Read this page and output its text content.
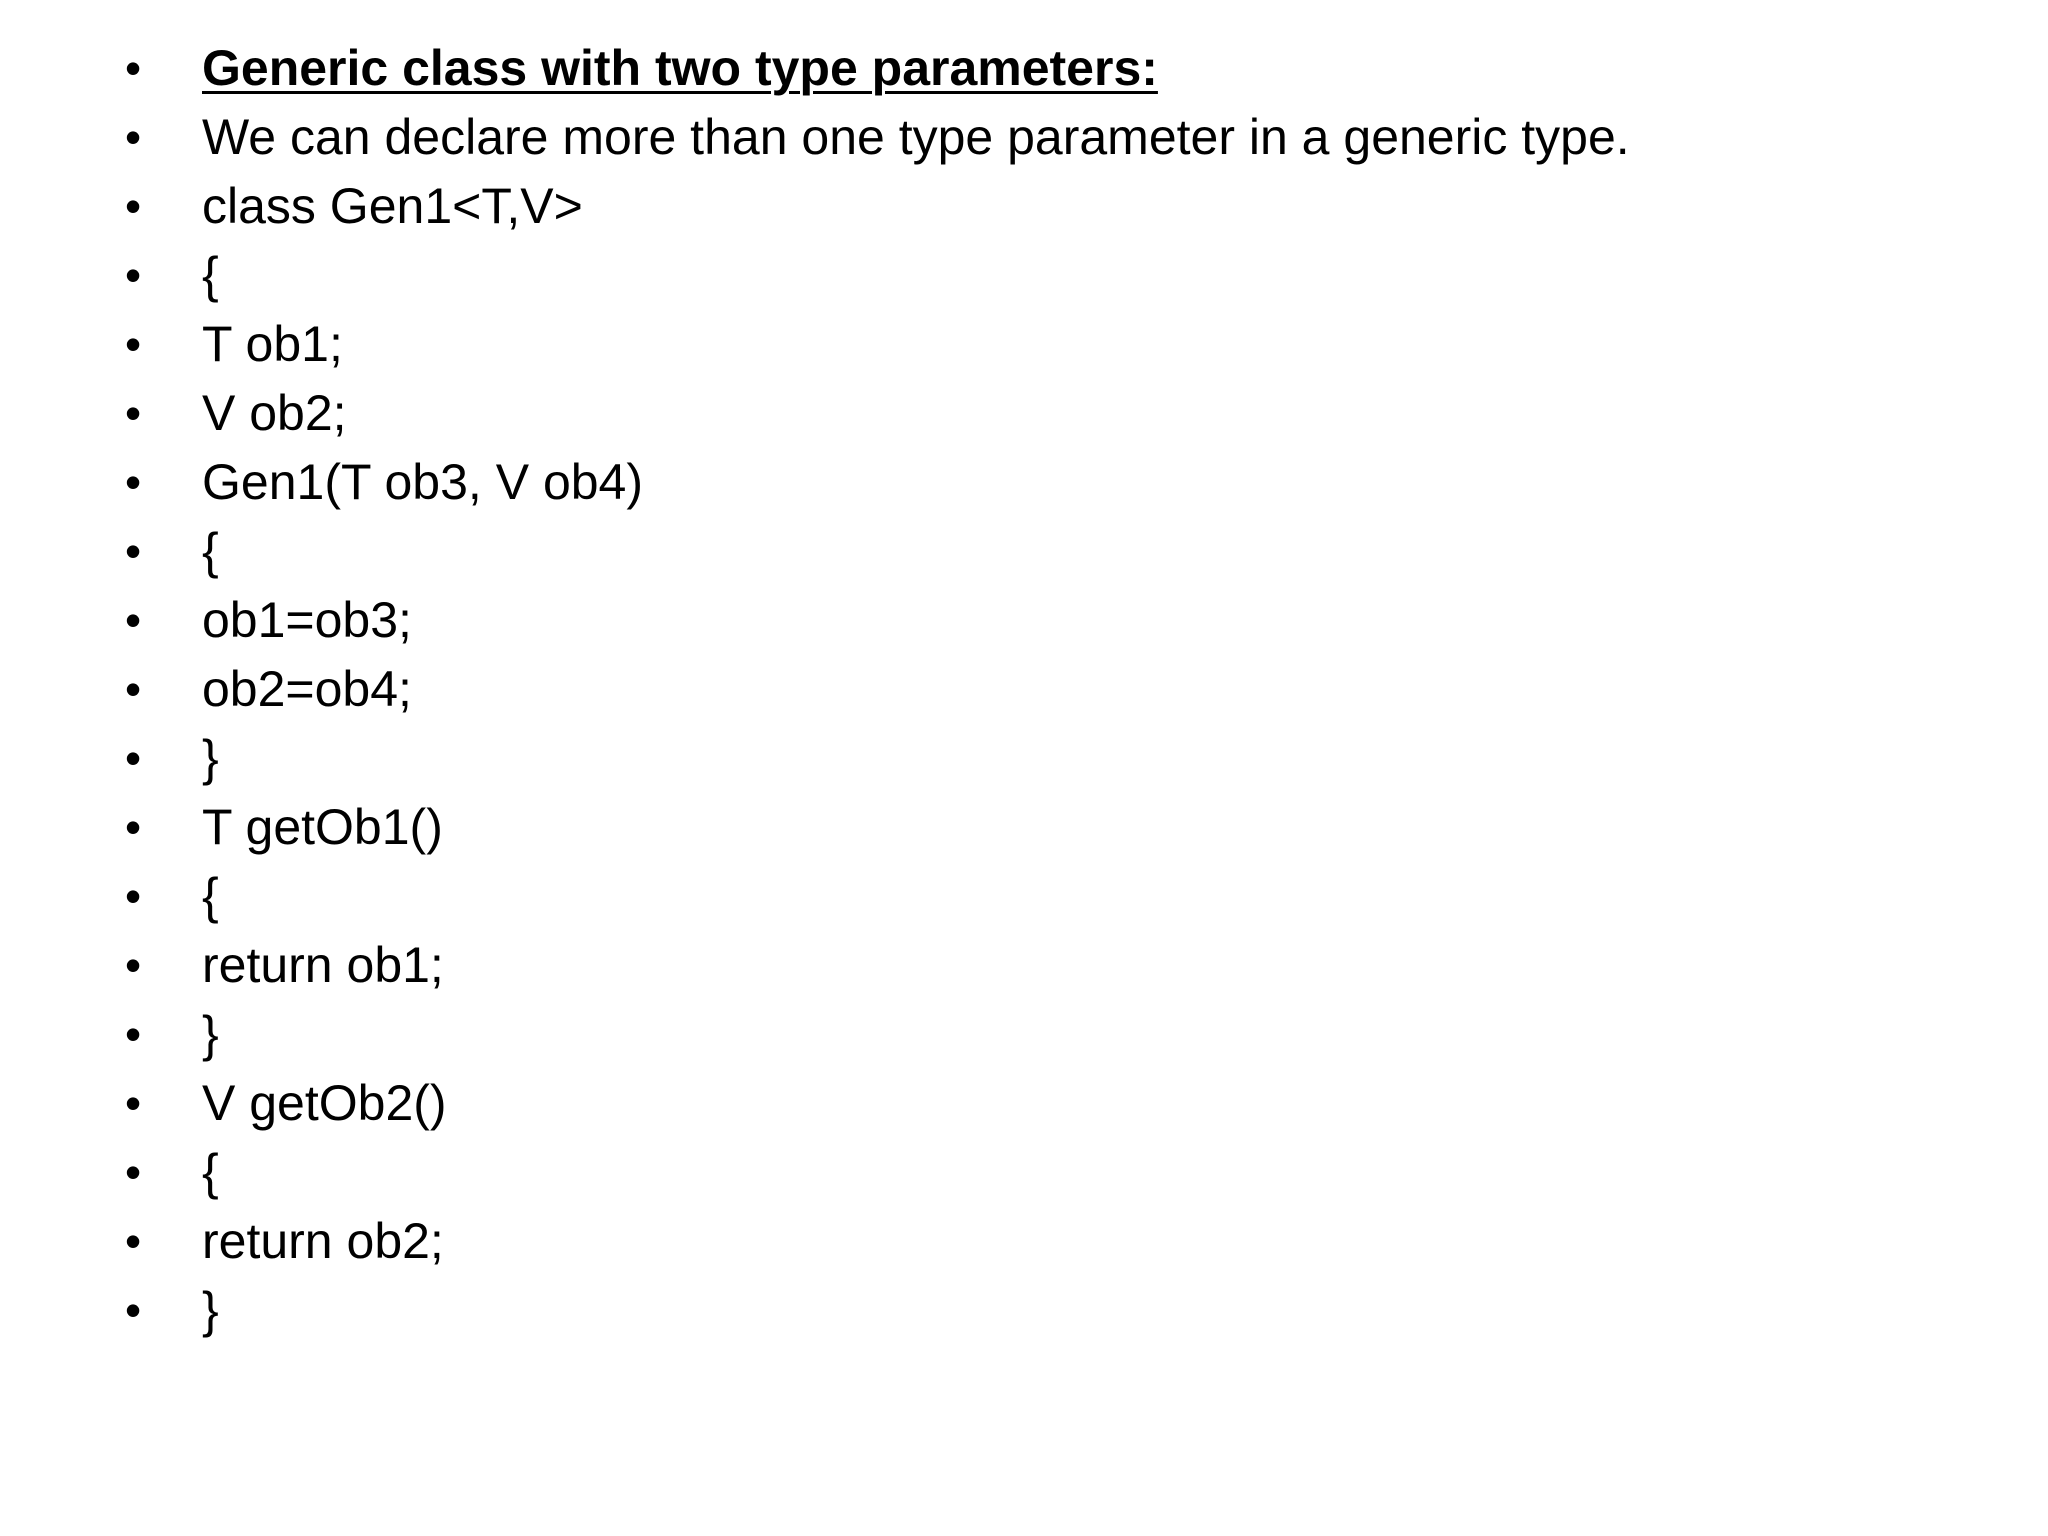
• Generic class with two type parameters:
• We can declare more than one type parameter in a generic type.
• class Gen1<T,V>
• {
• T ob1;
• V ob2;
• Gen1(T ob3, V ob4)
• {
• ob1=ob3;
• ob2=ob4;
• }
• T getOb1()
• {
• return ob1;
• }
• V getOb2()
• {
• return ob2;
• }
